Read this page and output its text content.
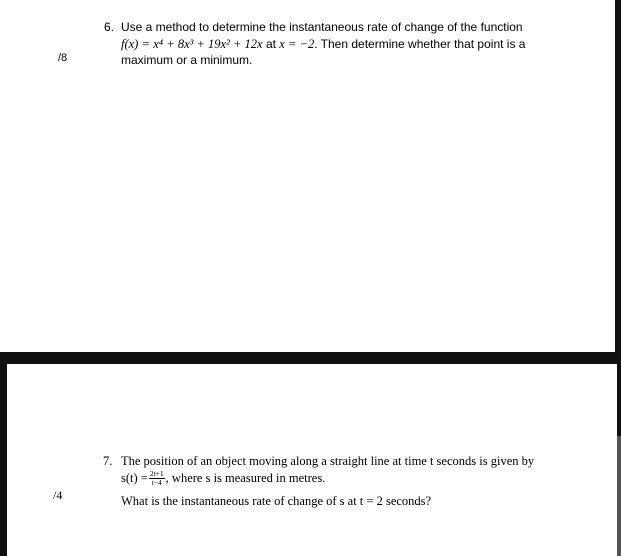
/8
6. Use a method to determine the instantaneous rate of change of the function
f(x) = x⁴ + 8x³ + 19x² + 12x at x = −2. Then determine whether that point is a
maximum or a minimum.
/4
7. The position of an object moving along a straight line at time t seconds is given by
$s(t) = \frac{2t+1}{t-4}$ , where s is measured in metres.
What is the instantaneous rate of change of s at t = 2 seconds?
